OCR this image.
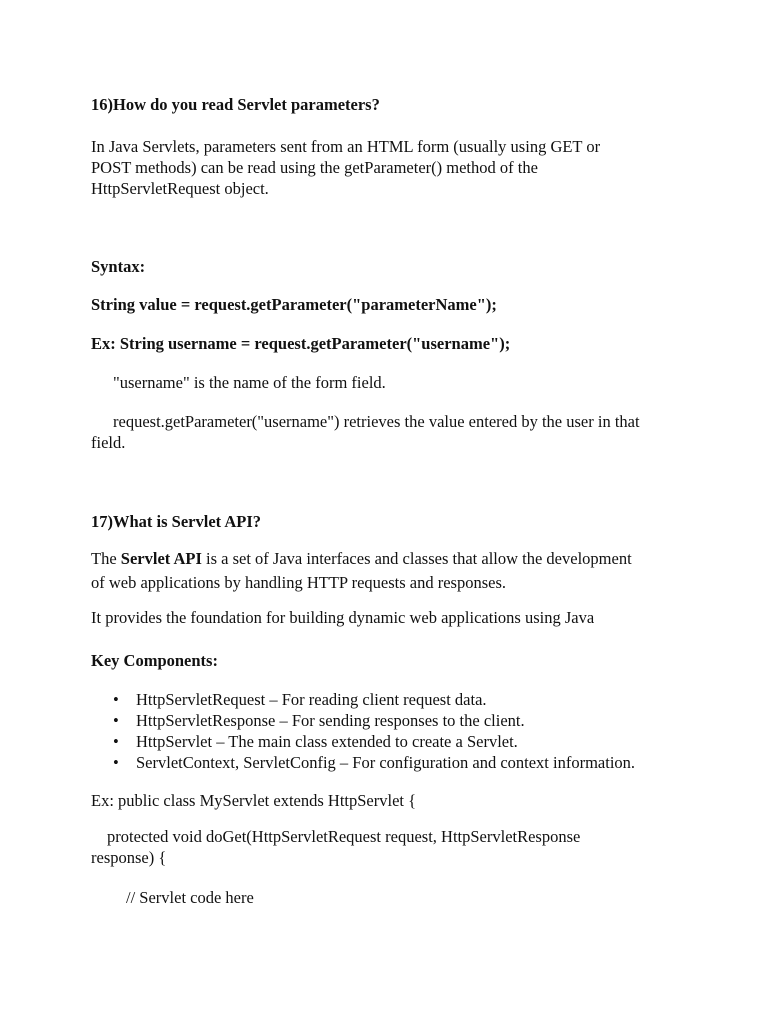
16)How do you read Servlet parameters?

In Java Servlets, parameters sent from an HTML form (usually using GET or
POST methods) can be read using the getParameter() method of the
HttpServletRequest object.

Syntax:

String value = request.getParameter("parameterName");

Ex: String username = request.getParameter("username");

"username" is the name of the form field.

request.getParameter("username") retrieves the value entered by the user in that
field.

17)What is Servlet API?

The Servlet API is a set of Java interfaces and classes that allow the development
of web applications by handling HTTP requests and responses.

It provides the foundation for building dynamic web applications using Java

Key Components:

• HttpServletRequest – For reading client request data.
• HttpServletResponse – For sending responses to the client.
• HttpServlet – The main class extended to create a Servlet.
• ServletContext, ServletConfig – For configuration and context information.

Ex: public class MyServlet extends HttpServlet {

protected void doGet(HttpServletRequest request, HttpServletResponse
response) {

// Servlet code here
